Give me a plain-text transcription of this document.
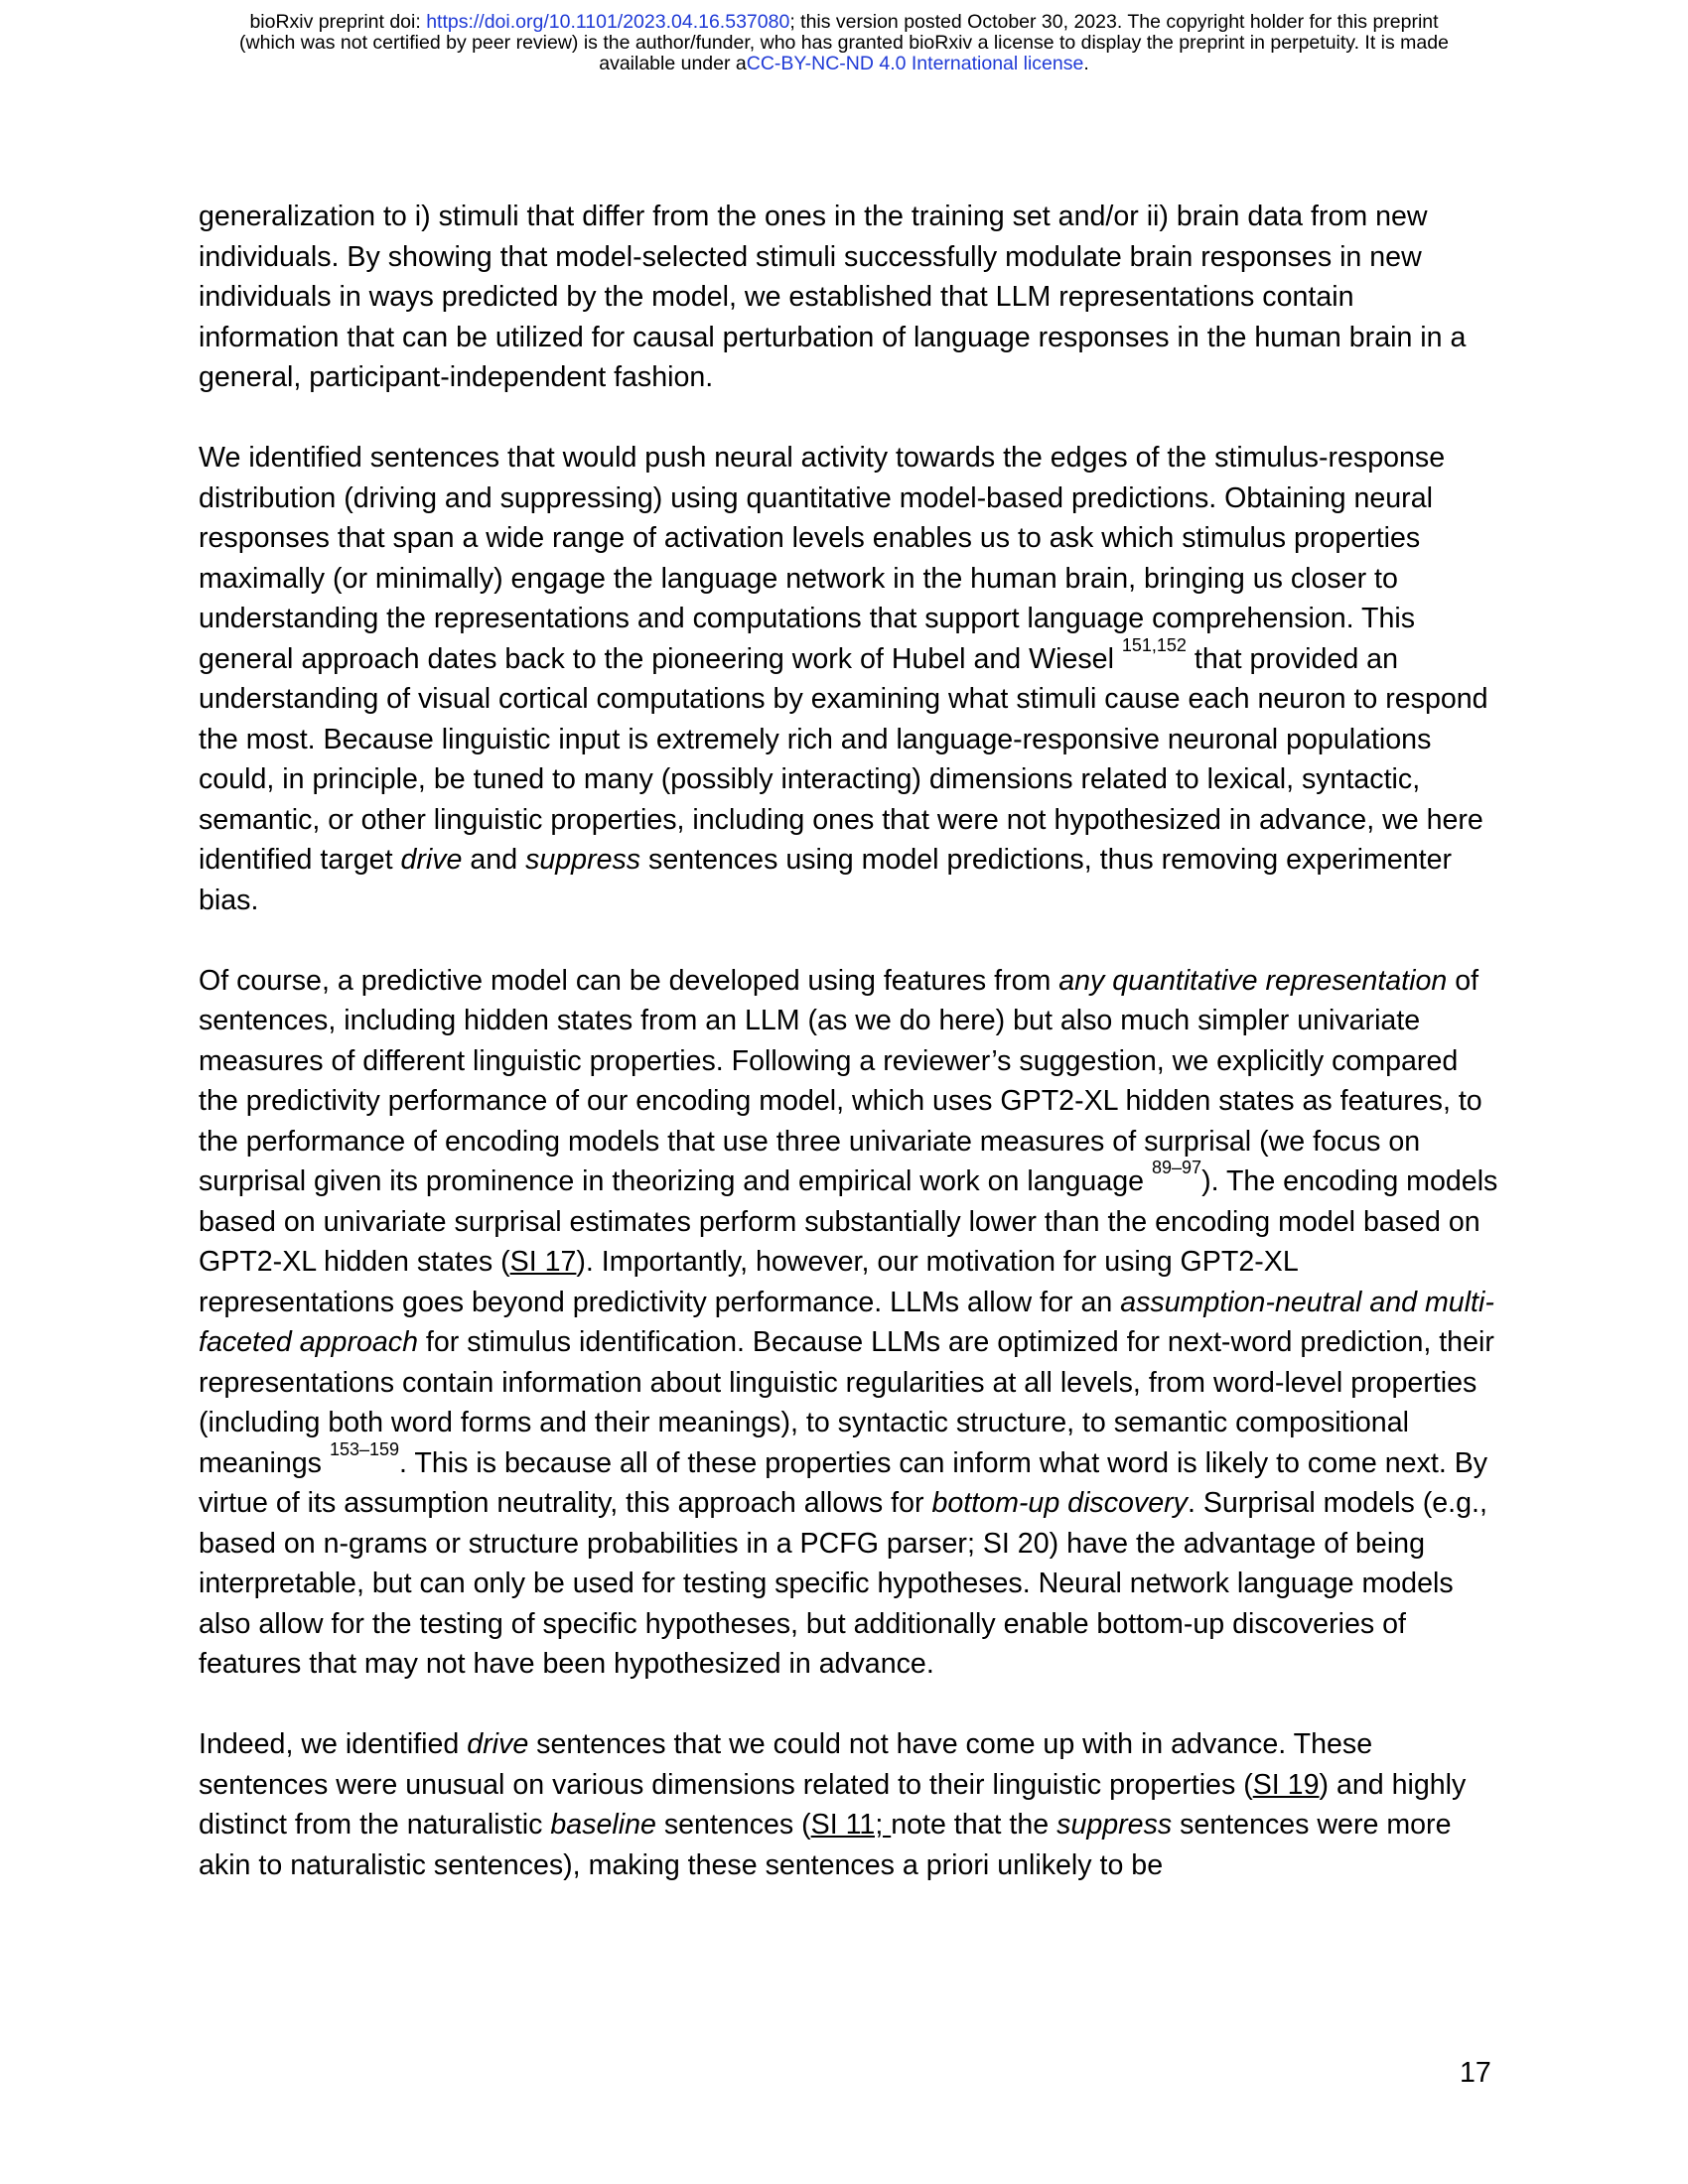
bioRxiv preprint doi: https://doi.org/10.1101/2023.04.16.537080; this version posted October 30, 2023. The copyright holder for this preprint
(which was not certified by peer review) is the author/funder, who has granted bioRxiv a license to display the preprint in perpetuity. It is made
available under aCC-BY-NC-ND 4.0 International license.

generalization to i) stimuli that differ from the ones in the training set and/or ii) brain data from new individuals. By showing that model-selected stimuli successfully modulate brain responses in new individuals in ways predicted by the model, we established that LLM representations contain information that can be utilized for causal perturbation of language responses in the human brain in a general, participant-independent fashion.

We identified sentences that would push neural activity towards the edges of the stimulus-response distribution (driving and suppressing) using quantitative model-based predictions. Obtaining neural responses that span a wide range of activation levels enables us to ask which stimulus properties maximally (or minimally) engage the language network in the human brain, bringing us closer to understanding the representations and computations that support language comprehension. This general approach dates back to the pioneering work of Hubel and Wiesel $^{151,152}$ that provided an understanding of visual cortical computations by examining what stimuli cause each neuron to respond the most. Because linguistic input is extremely rich and language-responsive neuronal populations could, in principle, be tuned to many (possibly interacting) dimensions related to lexical, syntactic, semantic, or other linguistic properties, including ones that were not hypothesized in advance, we here identified target drive and suppress sentences using model predictions, thus removing experimenter bias.

Of course, a predictive model can be developed using features from any quantitative representation of sentences, including hidden states from an LLM (as we do here) but also much simpler univariate measures of different linguistic properties. Following a reviewer’s suggestion, we explicitly compared the predictivity performance of our encoding model, which uses GPT2-XL hidden states as features, to the performance of encoding models that use three univariate measures of surprisal (we focus on surprisal given its prominence in theorizing and empirical work on language $^{89-97}$). The encoding models based on univariate surprisal estimates perform substantially lower than the encoding model based on GPT2-XL hidden states (SI 17). Importantly, however, our motivation for using GPT2-XL representations goes beyond predictivity performance. LLMs allow for an assumption-neutral and multi-faceted approach for stimulus identification. Because LLMs are optimized for next-word prediction, their representations contain information about linguistic regularities at all levels, from word-level properties (including both word forms and their meanings), to syntactic structure, to semantic compositional meanings $^{153-159}$. This is because all of these properties can inform what word is likely to come next. By virtue of its assumption neutrality, this approach allows for bottom-up discovery. Surprisal models (e.g., based on n-grams or structure probabilities in a PCFG parser; SI 20) have the advantage of being interpretable, but can only be used for testing specific hypotheses. Neural network language models also allow for the testing of specific hypotheses, but additionally enable bottom-up discoveries of features that may not have been hypothesized in advance.

Indeed, we identified drive sentences that we could not have come up with in advance. These sentences were unusual on various dimensions related to their linguistic properties (SI 19) and highly distinct from the naturalistic baseline sentences (SI 11; note that the suppress sentences were more akin to naturalistic sentences), making these sentences a priori unlikely to be

17
